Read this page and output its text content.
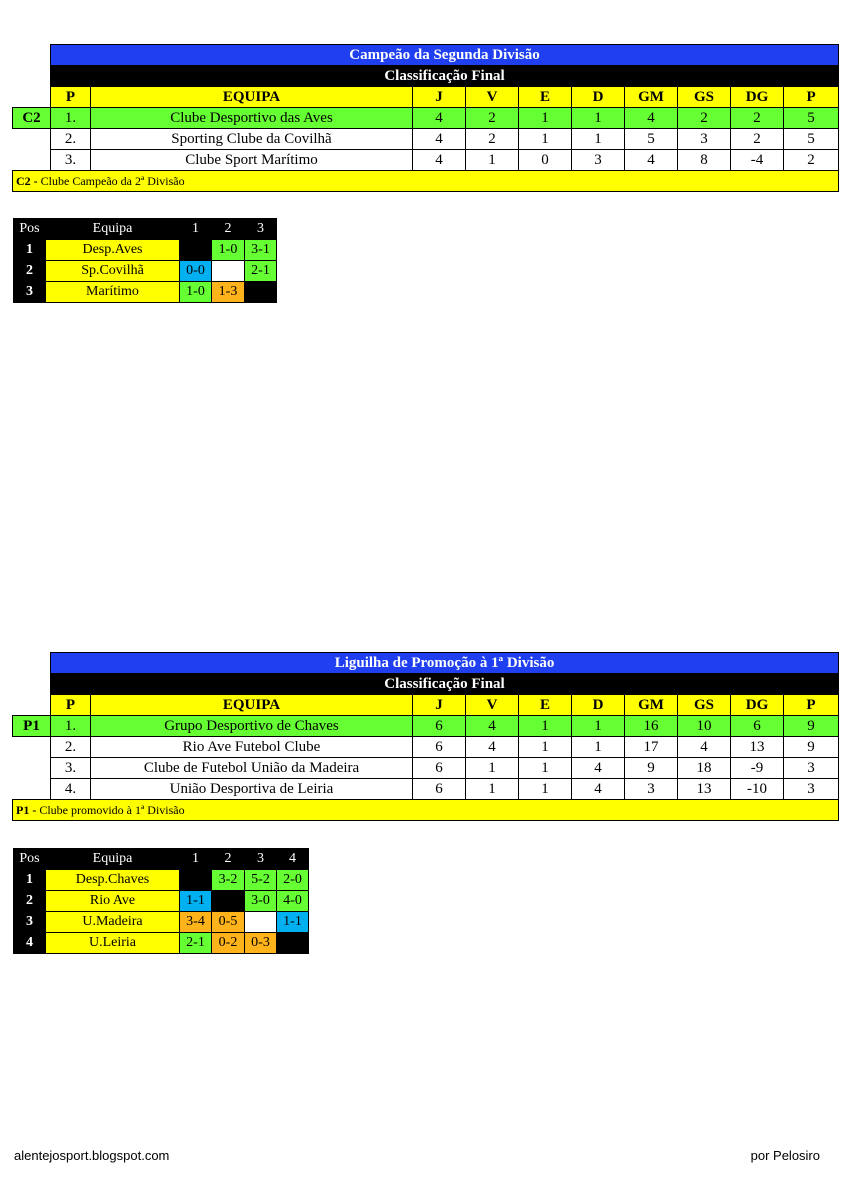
	Campeão da Segunda Divisão									
	Classificação Final									
	P	EQUIPA	J	V	E	D	GM	GS	DG	P
C2	1.	Clube Desportivo das Aves	4	2	1	1	4	2	2	5
	2.	Sporting Clube da Covilhã	4	2	1	1	5	3	2	5
	3.	Clube Sport Marítimo	4	1	0	3	4	8	-4	2
C2 - Clube Campeão da 2ª Divisão										
Pos	Equipa	1	2	3
1	Desp.Aves		1-0	3-1
2	Sp.Covilhã	0-0		2-1
3	Marítimo	1-0	1-3	
	Liguilha de Promoção à 1ª Divisão									
	Classificação Final									
	P	EQUIPA	J	V	E	D	GM	GS	DG	P
P1	1.	Grupo Desportivo de Chaves	6	4	1	1	16	10	6	9
	2.	Rio Ave Futebol Clube	6	4	1	1	17	4	13	9
	3.	Clube de Futebol União da Madeira	6	1	1	4	9	18	-9	3
	4.	União Desportiva de Leiria	6	1	1	4	3	13	-10	3
P1 - Clube promovido à 1ª Divisão										
Pos	Equipa	1	2	3	4
1	Desp.Chaves		3-2	5-2	2-0
2	Rio Ave	1-1		3-0	4-0
3	U.Madeira	3-4	0-5		1-1
4	U.Leiria	2-1	0-2	0-3	
alentejosport.blogspot.com	por Pelosiro
